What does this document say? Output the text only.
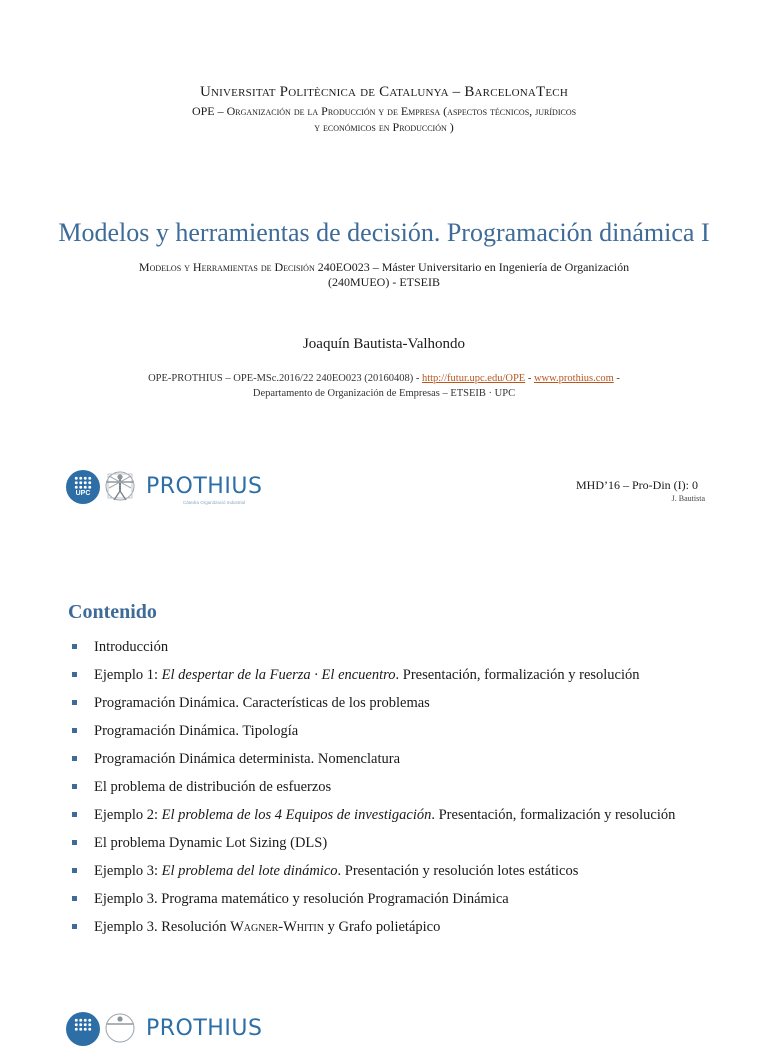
Universitat Politècnica de Catalunya – BarcelonaTech
OPE – Organización de la Producción y de Empresa (aspectos técnicos, jurídicos
y económicos en Producción )
Modelos y herramientas de decisión. Programación dinámica I
Modelos y Herramientas de Decisión 240EO023 – Máster Universitario en Ingeniería de Organización
(240MUEO) - ETSEIB
Joaquín Bautista-Valhondo
OPE-PROTHIUS – OPE-MSc.2016/22 240EO023 (20160408) - http://futur.upc.edu/OPE - www.prothius.com -
Departamento de Organización de Empresas – ETSEIB · UPC
UPC	PROTHIUS
Càtedra Organització Industrial
MHD’16 – Pro-Din (I): 0
J. Bautista
Contenido
Introducción
Ejemplo 1: El despertar de la Fuerza · El encuentro. Presentación, formalización y resolución
Programación Dinámica. Características de los problemas
Programación Dinámica. Tipología
Programación Dinámica determinista. Nomenclatura
El problema de distribución de esfuerzos
Ejemplo 2: El problema de los 4 Equipos de investigación. Presentación, formalización y resolución
El problema Dynamic Lot Sizing (DLS)
Ejemplo 3: El problema del lote dinámico. Presentación y resolución lotes estáticos
Ejemplo 3. Programa matemático y resolución Programación Dinámica
Ejemplo 3. Resolución Wagner-Whitin y Grafo polietápico
PROTHIUS
